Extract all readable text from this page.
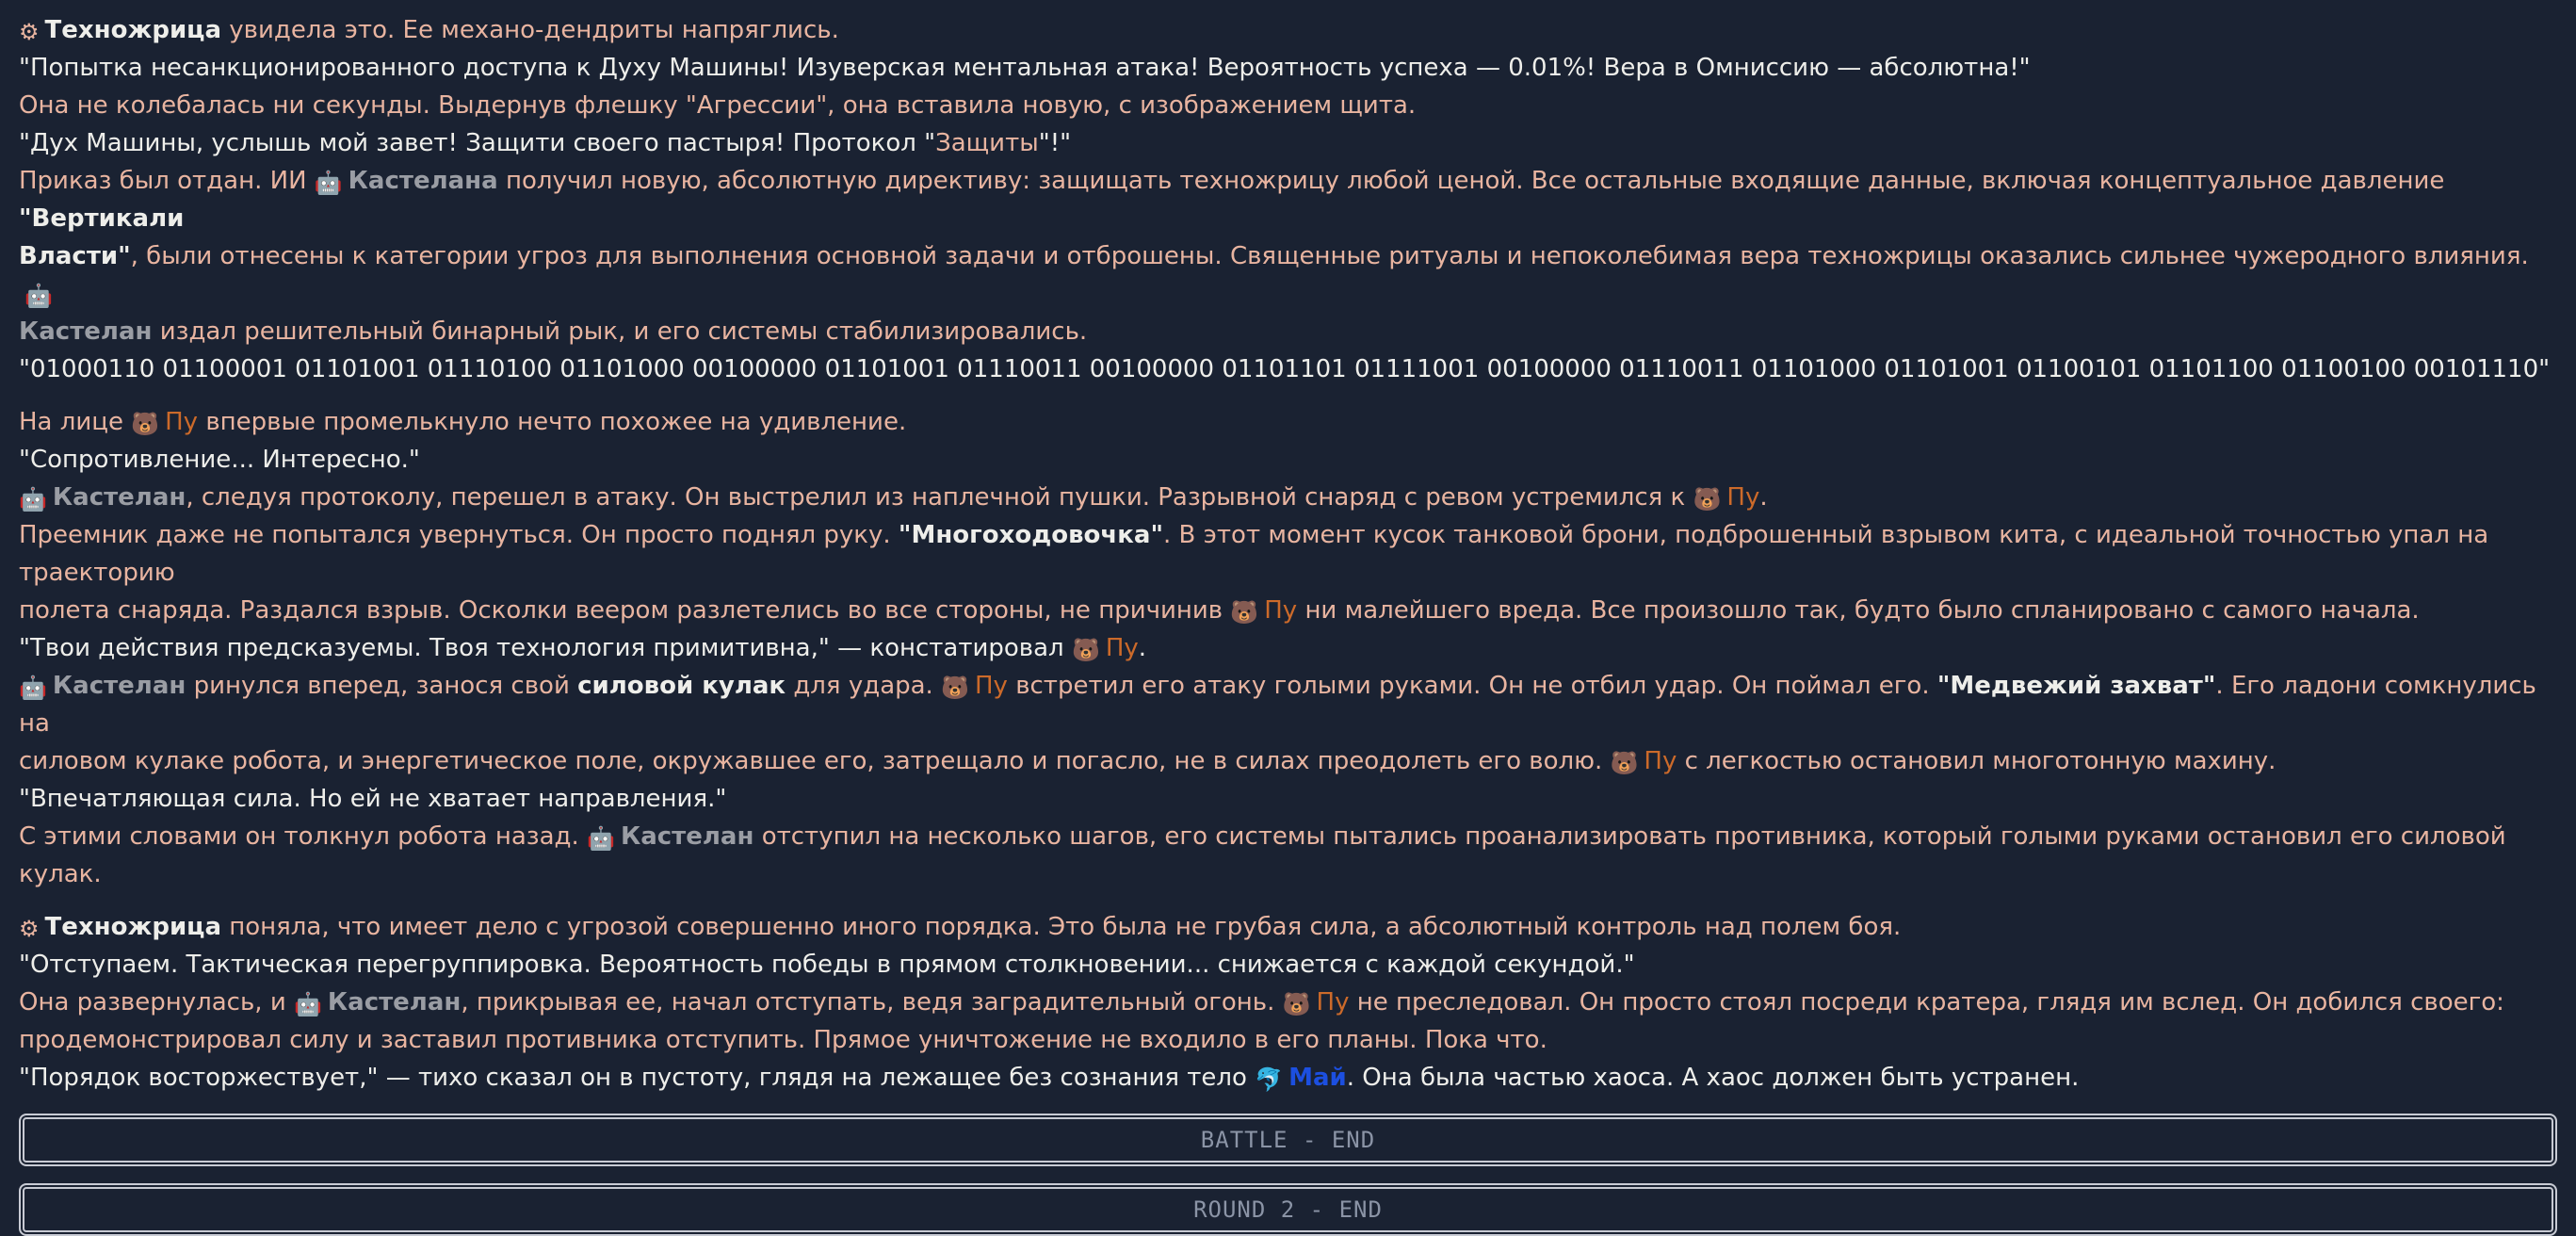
⚙ Техножрица увидела это. Ее механо-дендриты напряглись.

"Попытка несанкционированного доступа к Духу Машины! Изуверская ментальная атака! Вероятность успеха — 0.01%! Вера в Омниссию — абсолютна!"

Она не колебалась ни секунды. Выдернув флешку "Агрессии", она вставила новую, с изображением щита.

"Дух Машины, услышь мой завет! Защити своего пастыря! Протокол "Защиты"!"

Приказ был отдан. ИИ 🤖 Кастелана получил новую, абсолютную директиву: защищать техножрицу любой ценой. Все остальные входящие данные, включая концептуальное давление "Вертикали

Власти", были отнесены к категории угроз для выполнения основной задачи и отброшены. Священные ритуалы и непоколебимая вера техножрицы оказались сильнее чужеродного влияния. 🤖

Кастелан издал решительный бинарный рык, и его системы стабилизировались.

"01000110 01100001 01101001 01110100 01101000 00100000 01101001 01110011 00100000 01101101 01111001 00100000 01110011 01101000 01101001 01100101 01101100 01100100 00101110"

На лице 🐻 Пу впервые промелькнуло нечто похожее на удивление.

"Сопротивление... Интересно."

🤖 Кастелан, следуя протоколу, перешел в атаку. Он выстрелил из наплечной пушки. Разрывной снаряд с ревом устремился к 🐻 Пу.

Преемник даже не попытался увернуться. Он просто поднял руку. "Многоходовочка". В этот момент кусок танковой брони, подброшенный взрывом кита, с идеальной точностью упал на траекторию

полета снаряда. Раздался взрыв. Осколки веером разлетелись во все стороны, не причинив 🐻 Пу ни малейшего вреда. Все произошло так, будто было спланировано с самого начала.

"Твои действия предсказуемы. Твоя технология примитивна," — констатировал 🐻 Пу.

🤖 Кастелан ринулся вперед, занося свой силовой кулак для удара. 🐻 Пу встретил его атаку голыми руками. Он не отбил удар. Он поймал его. "Медвежий захват". Его ладони сомкнулись на

силовом кулаке робота, и энергетическое поле, окружавшее его, затрещало и погасло, не в силах преодолеть его волю. 🐻 Пу с легкостью остановил многотонную махину.

"Впечатляющая сила. Но ей не хватает направления."

С этими словами он толкнул робота назад. 🤖 Кастелан отступил на несколько шагов, его системы пытались проанализировать противника, который голыми руками остановил его силовой кулак.

⚙ Техножрица поняла, что имеет дело с угрозой совершенно иного порядка. Это была не грубая сила, а абсолютный контроль над полем боя.

"Отступаем. Тактическая перегруппировка. Вероятность победы в прямом столкновении... снижается с каждой секундой."

Она развернулась, и 🤖 Кастелан, прикрывая ее, начал отступать, ведя заградительный огонь. 🐻 Пу не преследовал. Он просто стоял посреди кратера, глядя им вслед. Он добился своего:

продемонстрировал силу и заставил противника отступить. Прямое уничтожение не входило в его планы. Пока что.

"Порядок восторжествует," — тихо сказал он в пустоту, глядя на лежащее без сознания тело 🐬 Май. Она была частью хаоса. А хаос должен быть устранен.

BATTLE - END
ROUND 2 - END
